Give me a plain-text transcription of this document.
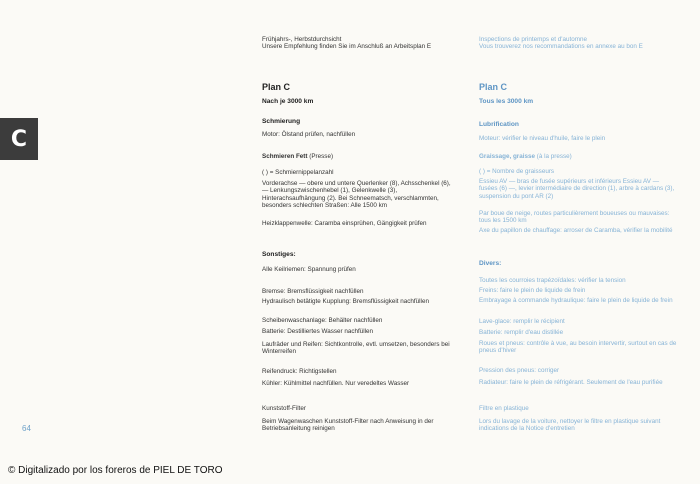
C
Frühjahrs-, Herbstdurchsicht
Unsere Empfehlung finden Sie im Anschluß an Arbeitsplan E
Plan C
Nach je 3000 km
Schmierung
Motor: Ölstand prüfen, nachfüllen
Schmieren Fett (Presse)
( ) = Schmiernippelanzahl
Vorderachse — obere und untere Querlenker (8), Achsschenkel (6), — Lenkungszwischenhebel (1), Gelenkwelle (3), Hinterachsaufhängung (2). Bei Schneematsch, verschlammten, besonders schlechten Straßen: Alle 1500 km
Heizklappenwelle: Caramba einsprühen, Gängigkeit prüfen
Sonstiges:
Alle Keilriemen: Spannung prüfen
Bremse: Bremsflüssigkeit nachfüllen
Hydraulisch betätigte Kupplung: Bremsflüssigkeit nachfüllen
Scheibenwaschanlage: Behälter nachfüllen
Batterie: Destilliertes Wasser nachfüllen
Laufräder und Reifen: Sichtkontrolle, evtl. umsetzen, besonders bei Winterreifen
Reifendruck: Richtigstellen
Kühler: Kühlmittel nachfüllen. Nur veredeltes Wasser
Kunststoff-Filter
Beim Wagenwaschen Kunststoff-Filter nach Anweisung in der Betriebsanleitung reinigen
Inspections de printemps et d'automne
Vous trouverez nos recommandations en annexe au bon E
Plan C
Tous les 3000 km
Lubrification
Moteur: vérifier le niveau d'huile, faire le plein
Graissage, graisse (à la presse)
( ) = Nombre de graisseurs
Essieu AV — bras de fusée supérieurs et inférieurs Essieu AV — fusées (6) —, levier intermédiaire de direction (1), arbre à cardans (3), suspension du pont AR (2)
Par boue de neige, routes particulièrement boueuses ou mauvaises: tous les 1500 km
Axe du papillon de chauffage: arroser de Caramba, vérifier la mobilité
Divers:
Toutes les courroies trapézoïdales: vérifier la tension
Freins: faire le plein de liquide de frein
Embrayage à commande hydraulique: faire le plein de liquide de frein
Lave-glace: remplir le récipient
Batterie: remplir d'eau distillée
Roues et pneus: contrôle à vue, au besoin intervertir, surtout en cas de pneus d'hiver
Pression des pneus: corriger
Radiateur: faire le plein de réfrigérant. Seulement de l'eau purifiée
Filtre en plastique
Lors du lavage de la voiture, nettoyer le filtre en plastique suivant indications de la Notice d'entretien
64
© Digitalizado por los foreros de PIEL DE TORO
